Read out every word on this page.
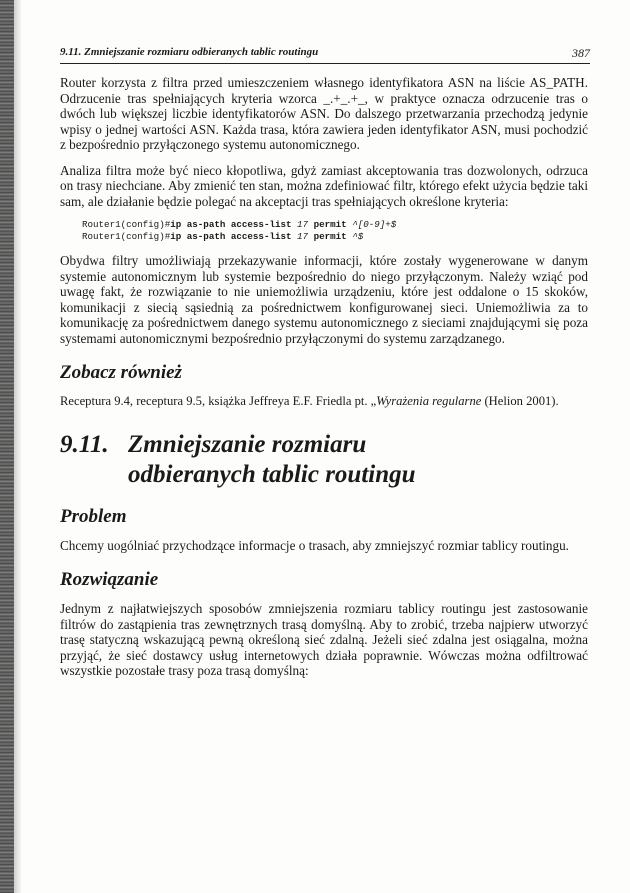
9.11. Zmniejszanie rozmiaru odbieranych tablic routingu	387

Router korzysta z filtra przed umieszczeniem własnego identyfikatora ASN na liście AS_PATH. Odrzucenie tras spełniających kryteria wzorca _.+_.+_, w praktyce oznacza odrzucenie tras o dwóch lub większej liczbie identyfikatorów ASN. Do dalszego przetwarzania przechodzą jedynie wpisy o jednej wartości ASN. Każda trasa, która zawiera jeden identyfikator ASN, musi pochodzić z bezpośrednio przyłączonego systemu autonomicznego.

Analiza filtra może być nieco kłopotliwa, gdyż zamiast akceptowania tras dozwolonych, odrzuca on trasy niechciane. Aby zmienić ten stan, można zdefiniować filtr, którego efekt użycia będzie taki sam, ale działanie będzie polegać na akceptacji tras spełniających określone kryteria:

Router1(config)#ip as-path access-list 17 permit ^[0-9]+$
Router1(config)#ip as-path access-list 17 permit ^$

Obydwa filtry umożliwiają przekazywanie informacji, które zostały wygenerowane w danym systemie autonomicznym lub systemie bezpośrednio do niego przyłączonym. Należy wziąć pod uwagę fakt, że rozwiązanie to nie uniemożliwia urządzeniu, które jest oddalone o 15 skoków, komunikacji z siecią sąsiednią za pośrednictwem konfigurowanej sieci. Uniemożliwia za to komunikację za pośrednictwem danego systemu autonomicznego z sieciami znajdującymi się poza systemami autonomicznymi bezpośrednio przyłączonymi do systemu zarządzanego.

Zobacz również

Receptura 9.4, receptura 9.5, książka Jeffreya E.F. Friedla pt. „Wyrażenia regularne (Helion 2001).

9.11. Zmniejszanie rozmiaru
odbieranych tablic routingu
Problem

Chcemy uogólniać przychodzące informacje o trasach, aby zmniejszyć rozmiar tablicy routingu.

Rozwiązanie

Jednym z najłatwiejszych sposobów zmniejszenia rozmiaru tablicy routingu jest zastosowanie filtrów do zastąpienia tras zewnętrznych trasą domyślną. Aby to zrobić, trzeba najpierw utworzyć trasę statyczną wskazującą pewną określoną sieć zdalną. Jeżeli sieć zdalna jest osiągalna, można przyjąć, że sieć dostawcy usług internetowych działa poprawnie. Wówczas można odfiltrować wszystkie pozostałe trasy poza trasą domyślną:
